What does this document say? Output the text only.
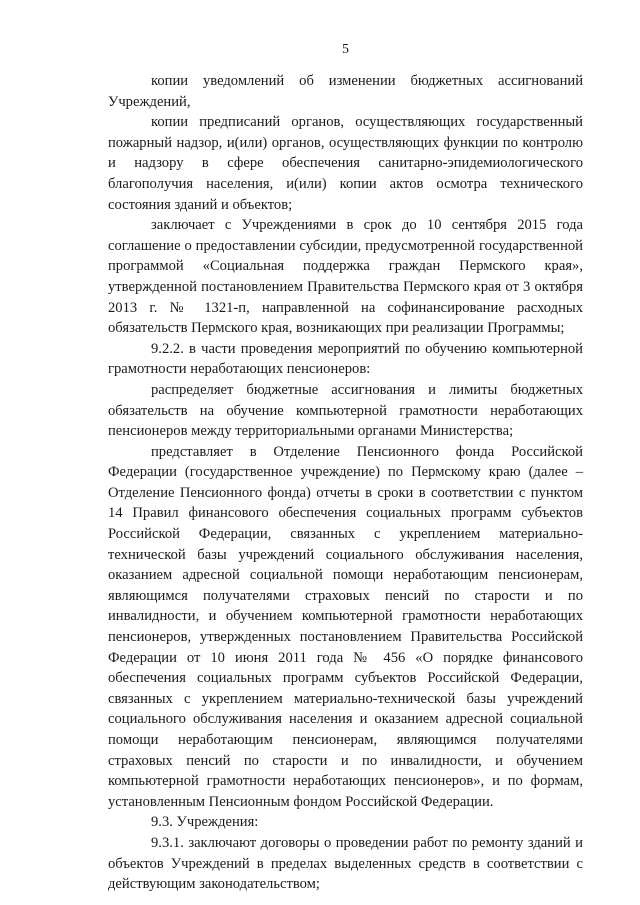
5

копии уведомлений об изменении бюджетных ассигнований Учреждений,

копии предписаний органов, осуществляющих государственный пожарный надзор, и(или) органов, осуществляющих функции по контролю и надзору в сфере обеспечения санитарно-эпидемиологического благополучия населения, и(или) копии актов осмотра технического состояния зданий и объектов;

заключает с Учреждениями в срок до 10 сентября 2015 года соглашение о предоставлении субсидии, предусмотренной государственной программой «Социальная поддержка граждан Пермского края», утвержденной постановлением Правительства Пермского края от 3 октября 2013 г. № 1321-п, направленной на софинансирование расходных обязательств Пермского края, возникающих при реализации Программы;

9.2.2. в части проведения мероприятий по обучению компьютерной грамотности неработающих пенсионеров:

распределяет бюджетные ассигнования и лимиты бюджетных обязательств на обучение компьютерной грамотности неработающих пенсионеров между территориальными органами Министерства;

представляет в Отделение Пенсионного фонда Российской Федерации (государственное учреждение) по Пермскому краю (далее – Отделение Пенсионного фонда) отчеты в сроки в соответствии с пунктом 14 Правил финансового обеспечения социальных программ субъектов Российской Федерации, связанных с укреплением материально-технической базы учреждений социального обслуживания населения, оказанием адресной социальной помощи неработающим пенсионерам, являющимся получателями страховых пенсий по старости и по инвалидности, и обучением компьютерной грамотности неработающих пенсионеров, утвержденных постановлением Правительства Российской Федерации от 10 июня 2011 года № 456 «О порядке финансового обеспечения социальных программ субъектов Российской Федерации, связанных с укреплением материально-технической базы учреждений социального обслуживания населения и оказанием адресной социальной помощи неработающим пенсионерам, являющимся получателями страховых пенсий по старости и по инвалидности, и обучением компьютерной грамотности неработающих пенсионеров», и по формам, установленным Пенсионным фондом Российской Федерации.

9.3. Учреждения:

9.3.1. заключают договоры о проведении работ по ремонту зданий и объектов Учреждений в пределах выделенных средств в соответствии с действующим законодательством;
